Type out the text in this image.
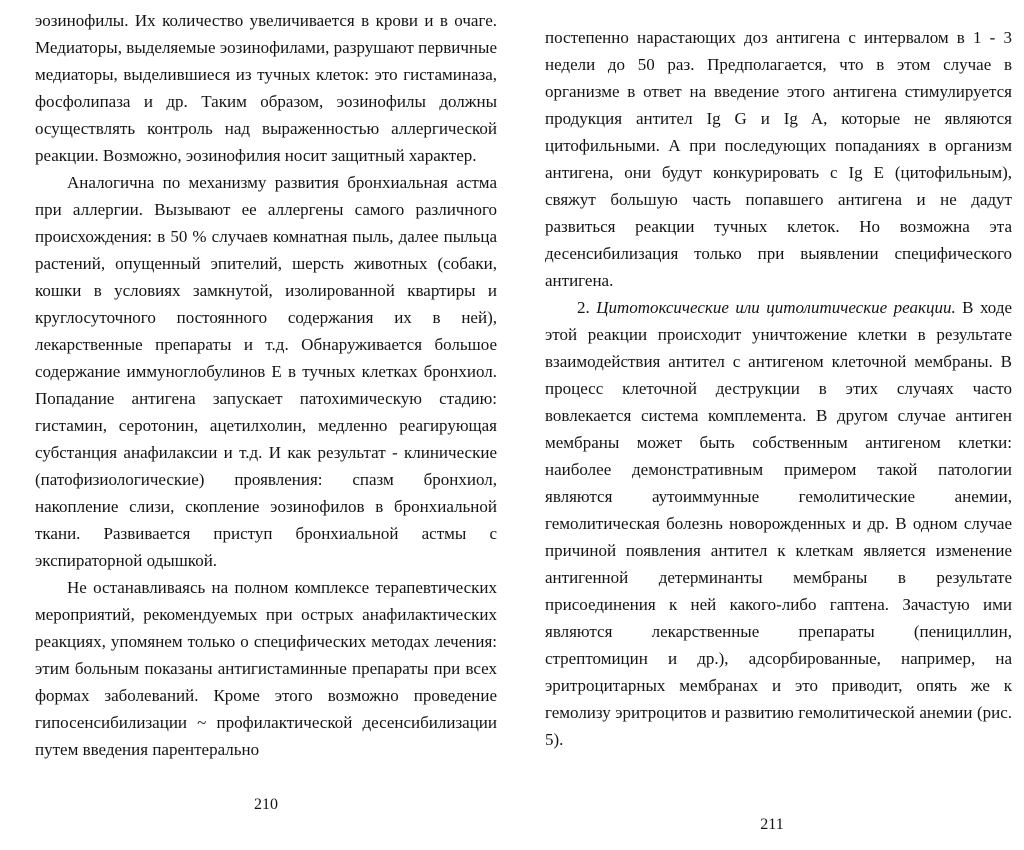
эозинофилы. Их количество увеличивается в крови и в очаге. Медиаторы, выделяемые эозинофилами, разрушают первичные медиаторы, выделившиеся из тучных клеток: это гистаминаза, фосфолипаза и др. Таким образом, эозинофилы должны осуществлять контроль над выраженностью аллергической реакции. Возможно, эозинофилия носит защитный характер.

Аналогична по механизму развития бронхиальная астма при аллергии. Вызывают ее аллергены самого различного происхождения: в 50 % случаев комнатная пыль, далее пыльца растений, опущенный эпителий, шерсть животных (собаки, кошки в условиях замкнутой, изолированной квартиры и круглосуточного постоянного содержания их в ней), лекарственные препараты и т.д. Обнаруживается большое содержание иммуноглобулинов Е в тучных клетках бронхиол. Попадание антигена запускает патохимическую стадию: гистамин, серотонин, ацетилхолин, медленно реагирующая субстанция анафилаксии и т.д. И как результат - клинические (патофизиологические) проявления: спазм бронхиол, накопление слизи, скопление эозинофилов в бронхиальной ткани. Развивается приступ бронхиальной астмы с экспираторной одышкой.

Не останавливаясь на полном комплексе терапевтических мероприятий, рекомендуемых при острых анафилактических реакциях, упомянем только о специфических методах лечения: этим больным показаны антигистаминные препараты при всех формах заболеваний. Кроме этого возможно проведение гипосенсибилизации ~ профилактической десенсибилизации путем введения парентерально

постепенно нарастающих доз антигена с интервалом в 1 - 3 недели до 50 раз. Предполагается, что в этом случае в организме в ответ на введение этого антигена стимулируется продукция антител Ig G и Ig A, которые не являются цитофильными. А при последующих попаданиях в организм антигена, они будут конкурировать с Ig E (цитофильным), свяжут большую часть попавшего антигена и не дадут развиться реакции тучных клеток. Но возможна эта десенсибилизация только при выявлении специфического антигена.

2. Цитотоксические или цитолитические реакции. В ходе этой реакции происходит уничтожение клетки в результате взаимодействия антител с антигеном клеточной мембраны. В процесс клеточной деструкции в этих случаях часто вовлекается система комплемента. В другом случае антиген мембраны может быть собственным антигеном клетки: наиболее демонстративным примером такой патологии являются аутоиммунные гемолитические анемии, гемолитическая болезнь новорожденных и др. В одном случае причиной появления антител к клеткам является изменение антигенной детерминанты мембраны в результате присоединения к ней какого-либо гаптена. Зачастую ими являются лекарственные препараты (пенициллин, стрептомицин и др.), адсорбированные, например, на эритроцитарных мембранах и это приводит, опять же к гемолизу эритроцитов и развитию гемолитической анемии (рис. 5).

210
211
